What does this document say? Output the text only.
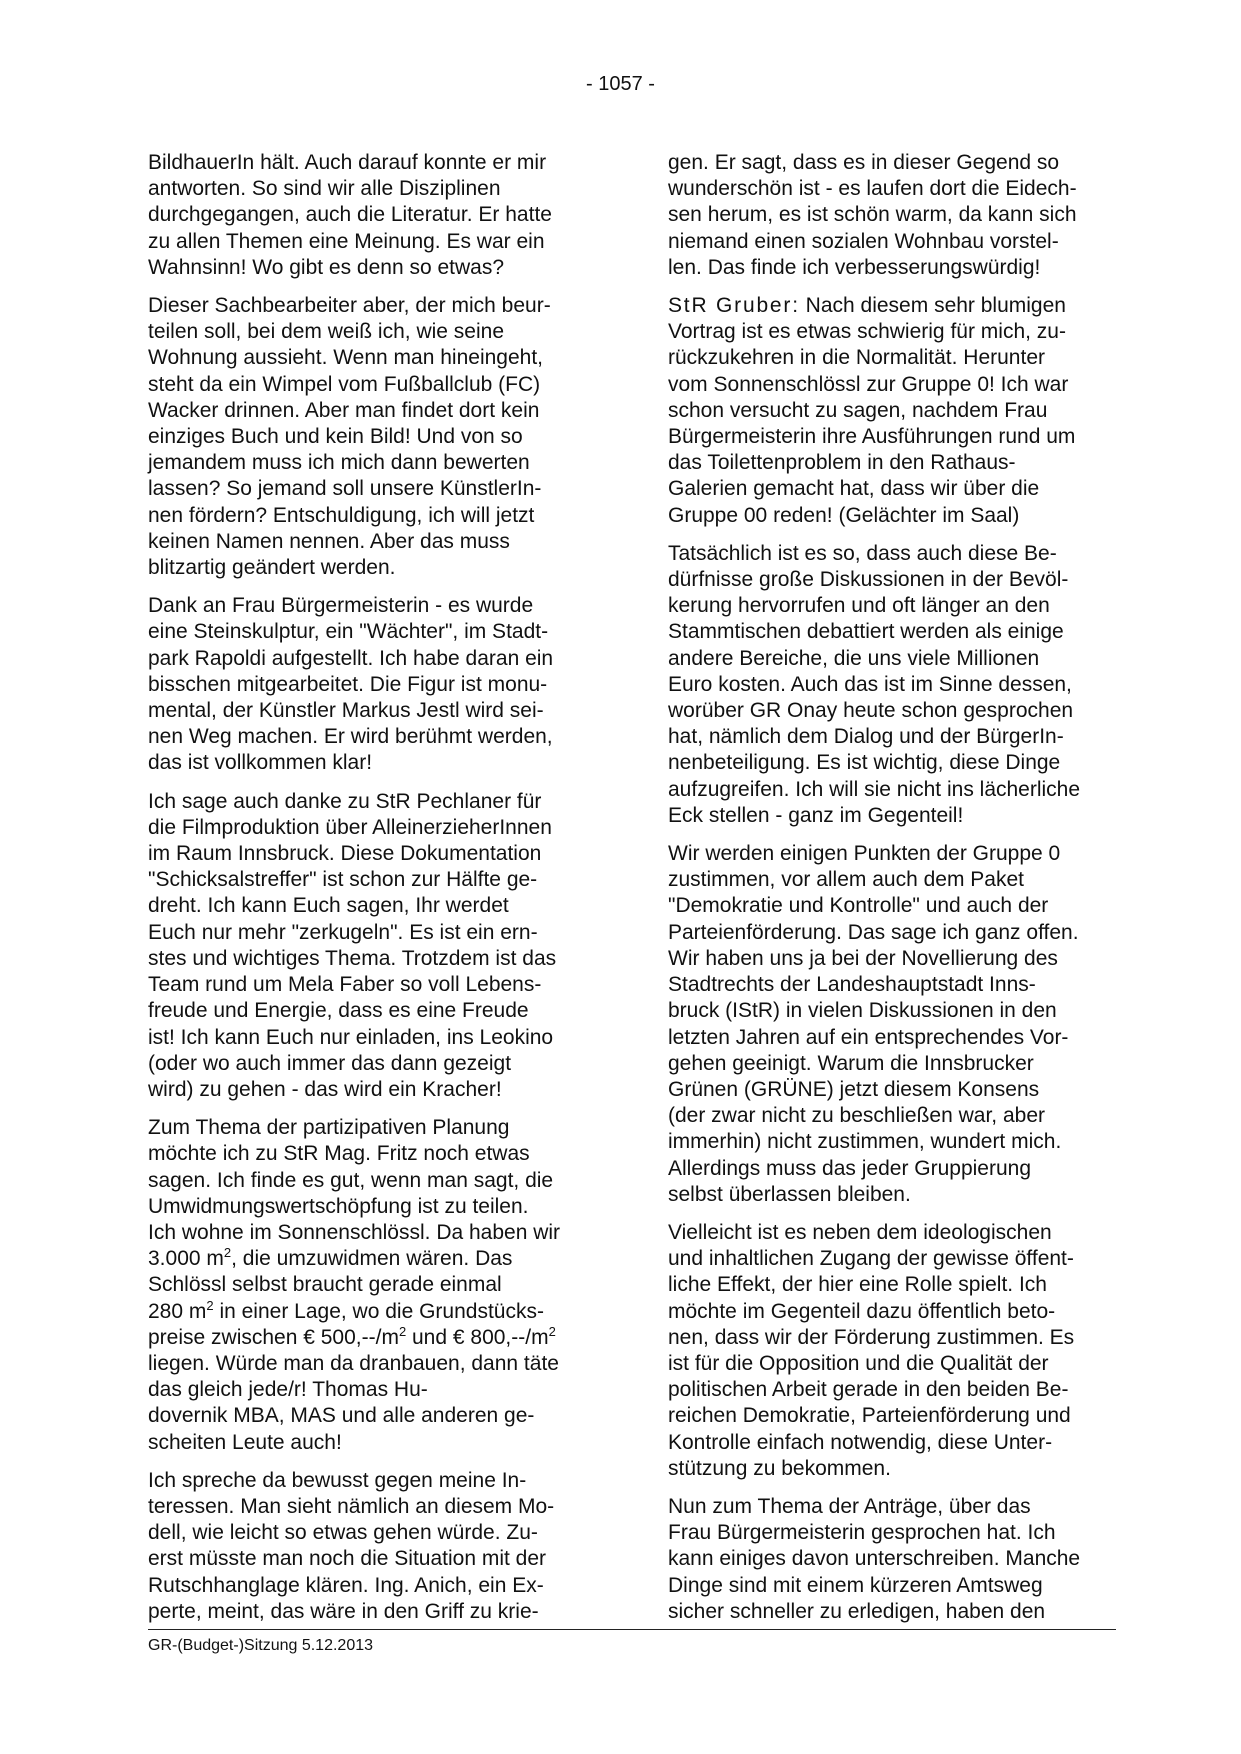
- 1057 -

BildhauerIn hält. Auch darauf konnte er mir
antworten. So sind wir alle Disziplinen
durchgegangen, auch die Literatur. Er hatte
zu allen Themen eine Meinung. Es war ein
Wahnsinn! Wo gibt es denn so etwas?

Dieser Sachbearbeiter aber, der mich beur-
teilen soll, bei dem weiß ich, wie seine
Wohnung aussieht. Wenn man hineingeht,
steht da ein Wimpel vom Fußballclub (FC)
Wacker drinnen. Aber man findet dort kein
einziges Buch und kein Bild! Und von so
jemandem muss ich mich dann bewerten
lassen? So jemand soll unsere KünstlerIn-
nen fördern? Entschuldigung, ich will jetzt
keinen Namen nennen. Aber das muss
blitzartig geändert werden.

Dank an Frau Bürgermeisterin - es wurde
eine Steinskulptur, ein "Wächter", im Stadt-
park Rapoldi aufgestellt. Ich habe daran ein
bisschen mitgearbeitet. Die Figur ist monu-
mental, der Künstler Markus Jestl wird sei-
nen Weg machen. Er wird berühmt werden,
das ist vollkommen klar!

Ich sage auch danke zu StR Pechlaner für
die Filmproduktion über AlleinerzieherInnen
im Raum Innsbruck. Diese Dokumentation
"Schicksalstreffer" ist schon zur Hälfte ge-
dreht. Ich kann Euch sagen, Ihr werdet
Euch nur mehr "zerkugeln". Es ist ein ern-
stes und wichtiges Thema. Trotzdem ist das
Team rund um Mela Faber so voll Lebens-
freude und Energie, dass es eine Freude
ist! Ich kann Euch nur einladen, ins Leokino
(oder wo auch immer das dann gezeigt
wird) zu gehen - das wird ein Kracher!

Zum Thema der partizipativen Planung
möchte ich zu StR Mag. Fritz noch etwas
sagen. Ich finde es gut, wenn man sagt, die
Umwidmungswertschöpfung ist zu teilen.
Ich wohne im Sonnenschlössl. Da haben wir
3.000 $m^2$, die umzuwidmen wären. Das
Schlössl selbst braucht gerade einmal
280 $m^2$ in einer Lage, wo die Grundstücks-
preise zwischen € $500,--/m^2$ und € $800,--/m^2$
liegen. Würde man da dranbauen, dann täte
das gleich jede/r! Thomas Hu-
dovernik MBA, MAS und alle anderen ge-
scheiten Leute auch!

Ich spreche da bewusst gegen meine In-
teressen. Man sieht nämlich an diesem Mo-
dell, wie leicht so etwas gehen würde. Zu-
erst müsste man noch die Situation mit der
Rutschhanglage klären. Ing. Anich, ein Ex-
perte, meint, das wäre in den Griff zu krie-

gen. Er sagt, dass es in dieser Gegend so
wunderschön ist - es laufen dort die Eidech-
sen herum, es ist schön warm, da kann sich
niemand einen sozialen Wohnbau vorstel-
len. Das finde ich verbesserungswürdig!

StR Gruber: Nach diesem sehr blumigen
Vortrag ist es etwas schwierig für mich, zu-
rückzukehren in die Normalität. Herunter
vom Sonnenschlössl zur Gruppe 0! Ich war
schon versucht zu sagen, nachdem Frau
Bürgermeisterin ihre Ausführungen rund um
das Toilettenproblem in den Rathaus-
Galerien gemacht hat, dass wir über die
Gruppe 00 reden! (Gelächter im Saal)

Tatsächlich ist es so, dass auch diese Be-
dürfnisse große Diskussionen in der Bevöl-
kerung hervorrufen und oft länger an den
Stammtischen debattiert werden als einige
andere Bereiche, die uns viele Millionen
Euro kosten. Auch das ist im Sinne dessen,
worüber GR Onay heute schon gesprochen
hat, nämlich dem Dialog und der BürgerIn-
nenbeteiligung. Es ist wichtig, diese Dinge
aufzugreifen. Ich will sie nicht ins lächerliche
Eck stellen - ganz im Gegenteil!

Wir werden einigen Punkten der Gruppe 0
zustimmen, vor allem auch dem Paket
"Demokratie und Kontrolle" und auch der
Parteienförderung. Das sage ich ganz offen.
Wir haben uns ja bei der Novellierung des
Stadtrechts der Landeshauptstadt Inns-
bruck (IStR) in vielen Diskussionen in den
letzten Jahren auf ein entsprechendes Vor-
gehen geeinigt. Warum die Innsbrucker
Grünen (GRÜNE) jetzt diesem Konsens
(der zwar nicht zu beschließen war, aber
immerhin) nicht zustimmen, wundert mich.
Allerdings muss das jeder Gruppierung
selbst überlassen bleiben.

Vielleicht ist es neben dem ideologischen
und inhaltlichen Zugang der gewisse öffent-
liche Effekt, der hier eine Rolle spielt. Ich
möchte im Gegenteil dazu öffentlich beto-
nen, dass wir der Förderung zustimmen. Es
ist für die Opposition und die Qualität der
politischen Arbeit gerade in den beiden Be-
reichen Demokratie, Parteienförderung und
Kontrolle einfach notwendig, diese Unter-
stützung zu bekommen.

Nun zum Thema der Anträge, über das
Frau Bürgermeisterin gesprochen hat. Ich
kann einiges davon unterschreiben. Manche
Dinge sind mit einem kürzeren Amtsweg
sicher schneller zu erledigen, haben den

GR-(Budget-)Sitzung 5.12.2013
